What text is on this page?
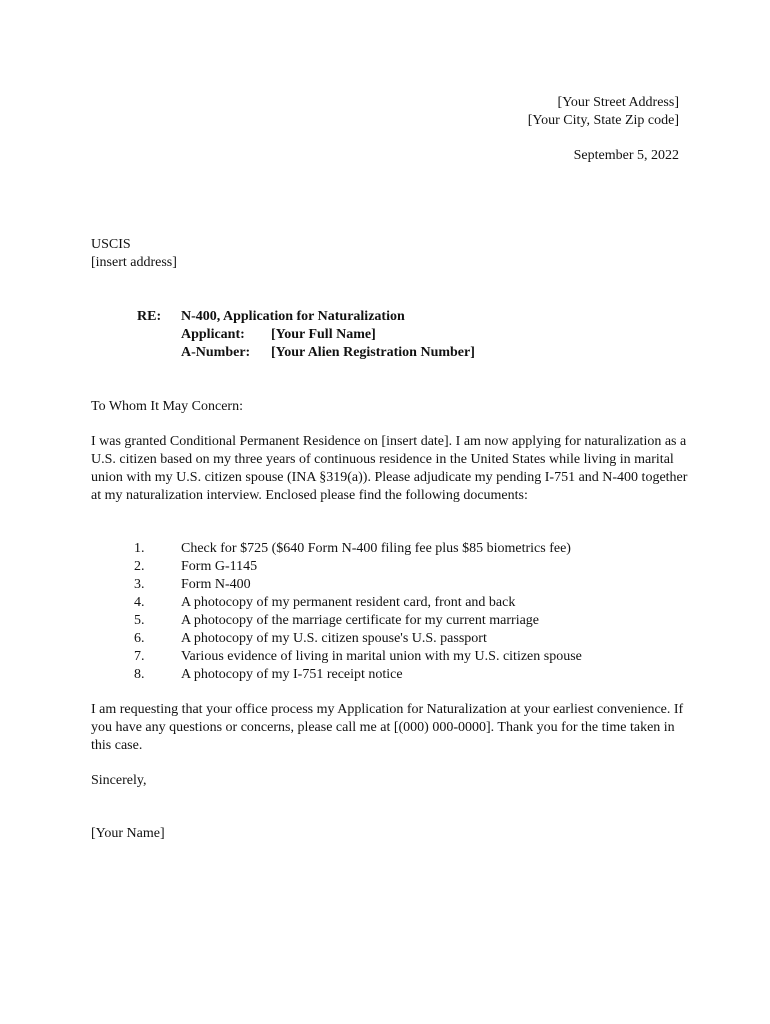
[Your Street Address]
[Your City, State Zip code]
September 5, 2022
USCIS
[insert address]
RE: N-400, Application for Naturalization
Applicant: [Your Full Name]
A-Number: [Your Alien Registration Number]
To Whom It May Concern:
I was granted Conditional Permanent Residence on [insert date]. I am now applying for naturalization as a U.S. citizen based on my three years of continuous residence in the United States while living in marital union with my U.S. citizen spouse (INA §319(a)). Please adjudicate my pending I-751 and N-400 together at my naturalization interview. Enclosed please find the following documents:
1.	Check for $725 ($640 Form N-400 filing fee plus $85 biometrics fee)
2.	Form G-1145
3.	Form N-400
4.	A photocopy of my permanent resident card, front and back
5.	A photocopy of the marriage certificate for my current marriage
6.	A photocopy of my U.S. citizen spouse's U.S. passport
7.	Various evidence of living in marital union with my U.S. citizen spouse
8.	A photocopy of my I-751 receipt notice
I am requesting that your office process my Application for Naturalization at your earliest convenience. If you have any questions or concerns, please call me at [(000) 000-0000]. Thank you for the time taken in this case.
Sincerely,
[Your Name]
